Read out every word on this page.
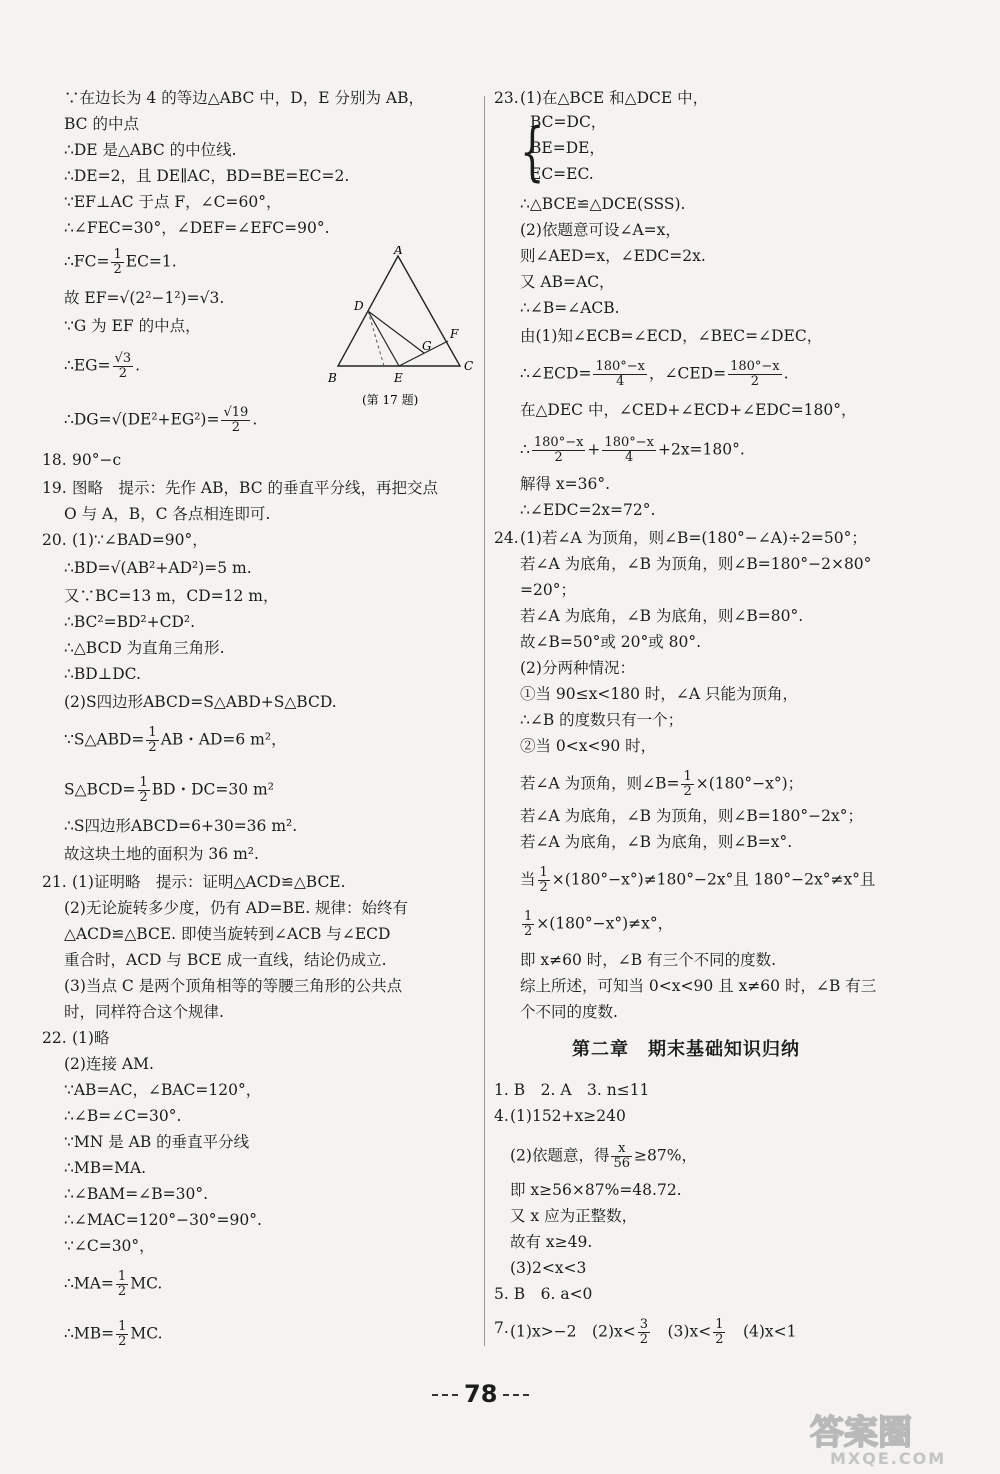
∵在边长为 4 的等边△ABC 中，D，E 分别为 AB，
BC 的中点
∴DE 是△ABC 的中位线.
∴DE=2，且 DE∥AC，BD=BE=EC=2.
∵EF⊥AC 于点 F，∠C=60°，
∴∠FEC=30°，∠DEF=∠EFC=90°.
∴FC= $\frac{1}{2} EC=1$.
故 EF=√(2²−1²)=√3.
∵G 为 EF 的中点，
∴EG= $\frac{√3}{2}$ .
∴DG=√(DE²+EG²)= $\frac{√19}{2}$ .
18. 90°−c
19. 图略　提示：先作 AB，BC 的垂直平分线，再把交点
O 与 A，B，C 各点相连即可.
20. (1)∵∠BAD=90°，
∴BD=√(AB²+AD²)=5 m.
又∵BC=13 m，CD=12 m，
∴BC²=BD²+CD².
∴△BCD 为直角三角形.
∴BD⊥DC.
(2)S四边形ABCD=S△ABD+S△BCD.
∵S△ABD= $\frac{1}{2}$ AB・AD=6 m²，
S△BCD= $\frac{1}{2}$ BD・DC=30 m²
∴S四边形ABCD=6+30=36 m².
故这块土地的面积为 36 m².
21. (1)证明略　提示：证明△ACD≌△BCE.
(2)无论旋转多少度，仍有 AD=BE. 规律：始终有
△ACD≌△BCE. 即使当旋转到∠ACB 与∠ECD
重合时，ACD 与 BCE 成一直线，结论仍成立.
(3)当点 C 是两个顶角相等的等腰三角形的公共点
时，同样符合这个规律.
22. (1)略
(2)连接 AM.
∵AB=AC，∠BAC=120°，
∴∠B=∠C=30°.
∵MN 是 AB 的垂直平分线
∴MB=MA.
∴∠BAM=∠B=30°.
∴∠MAC=120°−30°=90°.
∵∠C=30°，
∴MA= $\frac{1}{2}$ MC.
∴MB= $\frac{1}{2}$ MC.
A
B
C
D
E
F
G
(第 17 题)
23. (1)在△BCE 和△DCE 中，
{
BC=DC，
BE=DE，
EC=EC.
∴△BCE≌△DCE(SSS).
(2)依题意可设∠A=x，
则∠AED=x，∠EDC=2x.
又 AB=AC，
∴∠B=∠ACB.
由(1)知∠ECB=∠ECD，∠BEC=∠DEC，
∴∠ECD= $\frac{180^\circ-x}{4}$ ，∠CED= $\frac{180^\circ-x}{2}$ .
在△DEC 中，∠CED+∠ECD+∠EDC=180°，
∴ $\frac{180^\circ-x}{2} + \frac{180^\circ-x}{4} +2x=180^\circ$.
解得 x=36°.
∴∠EDC=2x=72°.
24. (1)若∠A 为顶角，则∠B=(180°−∠A)÷2=50°；
若∠A 为底角，∠B 为顶角，则∠B=180°−2×80°
=20°；
若∠A 为底角，∠B 为底角，则∠B=80°.
故∠B=50°或 20°或 80°.
(2)分两种情况：
①当 90≤x<180 时，∠A 只能为顶角，
∴∠B 的度数只有一个；
②当 0<x<90 时，
若∠A 为顶角，则∠B= $\frac{1}{2} \times(180^\circ-x^\circ)$；
若∠A 为底角，∠B 为顶角，则∠B=180°−2x°；
若∠A 为底角，∠B 为底角，则∠B=x°.
当 $\frac{1}{2} \times(180^\circ-x^\circ)\ne 180^\circ-2x^\circ$且 180°−2x°≠x°且
$\frac{1}{2} \times(180^\circ-x^\circ)\ne x^\circ$，
即 x≠60 时，∠B 有三个不同的度数.
综上所述，可知当 0<x<90 且 x≠60 时，∠B 有三
个不同的度数.
第二章　期末基础知识归纳
1. B　2. A　3. n≤11
4. (1)152+x≥240
(2)依题意，得 $\frac{x}{56} \ge 87\%$，
即 x≥56×87%=48.72.
又 x 应为正整数，
故有 x≥49.
(3)2<x<3
5. B　6. a<0
7. (1)x>−2　$(2)x< \frac{3}{2}$ 　$(3)x< \frac{1}{2}$ 　(4)x<1
78
答案圈
MXQE.COM
